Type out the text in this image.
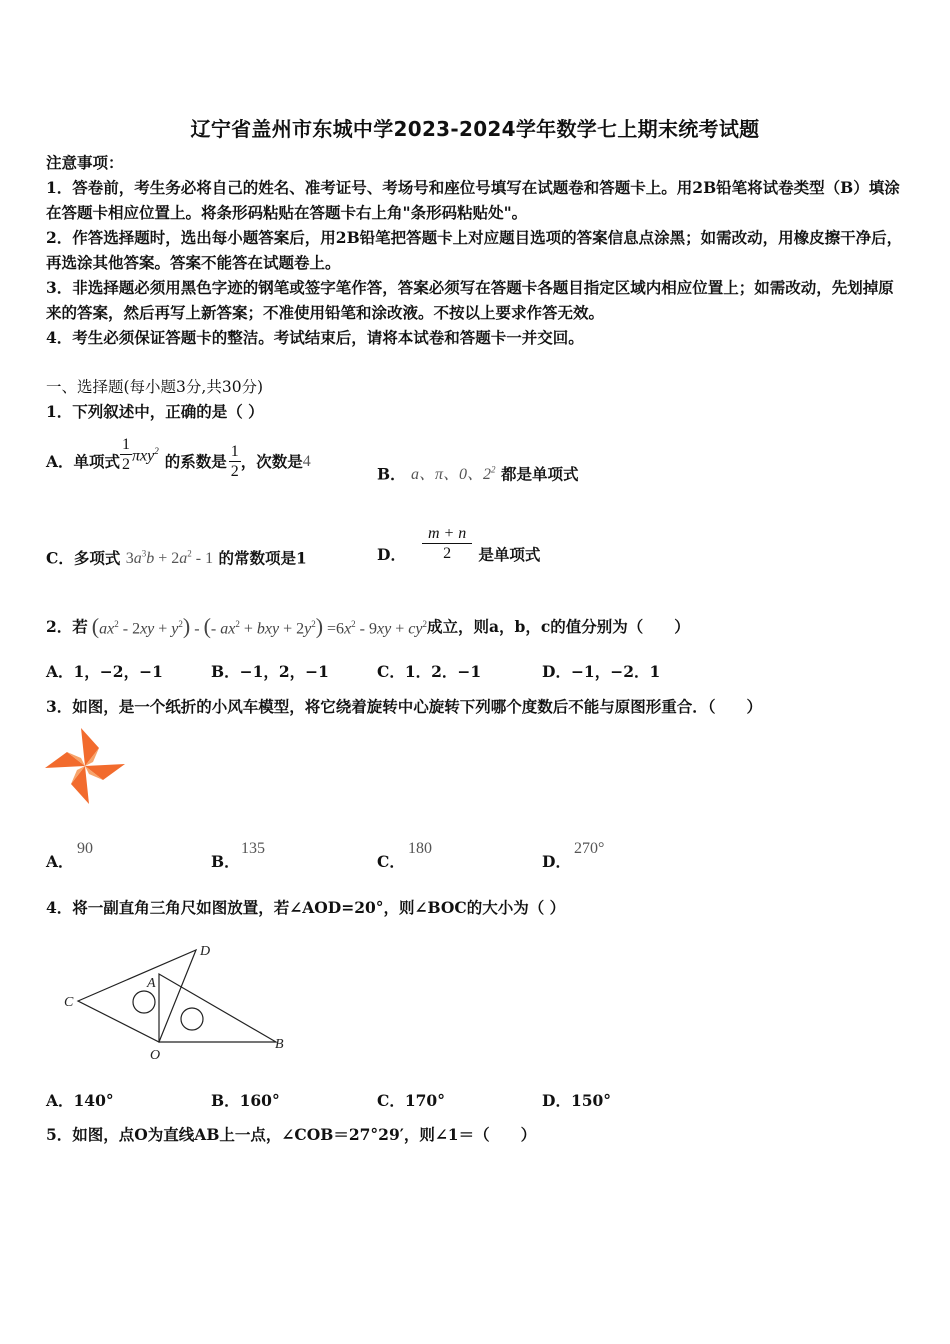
辽宁省盖州市东城中学2023-2024学年数学七上期末统考试题
注意事项：
1．答卷前，考生务必将自己的姓名、准考证号、考场号和座位号填写在试题卷和答题卡上。用2B铅笔将试卷类型（B）填涂在答题卡相应位置上。将条形码粘贴在答题卡右上角"条形码粘贴处"。
2．作答选择题时，选出每小题答案后，用2B铅笔把答题卡上对应题目选项的答案信息点涂黑；如需改动，用橡皮擦干净后，再选涂其他答案。答案不能答在试题卷上。
3．非选择题必须用黑色字迹的钢笔或签字笔作答，答案必须写在答题卡各题目指定区域内相应位置上；如需改动，先划掉原来的答案，然后再写上新答案；不准使用铅笔和涂改液。不按以上要求作答无效。
4．考生必须保证答题卡的整洁。考试结束后，请将本试卷和答题卡一并交回。
一、选择题(每小题3分,共30分)
1．下列叙述中，正确的是（ ）
A．单项式 $\frac{1}{2} \pi xy^2$
的系数是 $\frac{1}{2}$ ，次数是 4
B． a、π、0、$2^2$ 都是单项式
C．多项式 $3a^3b + 2a^2 - 1$ 的常数项是1	D． $\frac{m + n}{2}$ 是单项式
2．若 $(ax^2 - 2xy + y^2)$ - (- $ax^2$ + bxy + $2y^2) =6x^2 - 9xy + cy^2$ 成立，则a，b，c的值分别为（　　）
A．1，−2，−1	B．−1，2，−1	C．1．2．−1	D．−1，−2．1
3．如图，是一个纸折的小风车模型，将它绕着旋转中心旋转下列哪个度数后不能与原图形重合．（　　）
A．
90
B．
135
C．
180
D．
270°
4．将一副直角三角尺如图放置，若∠AOD=20°，则∠BOC的大小为（ ）
D
A
C
O
B
A．140°	B．160°	C．170°	D．150°
5．如图，点O为直线AB上一点，∠COB＝27°29′，则∠1＝（　　）
